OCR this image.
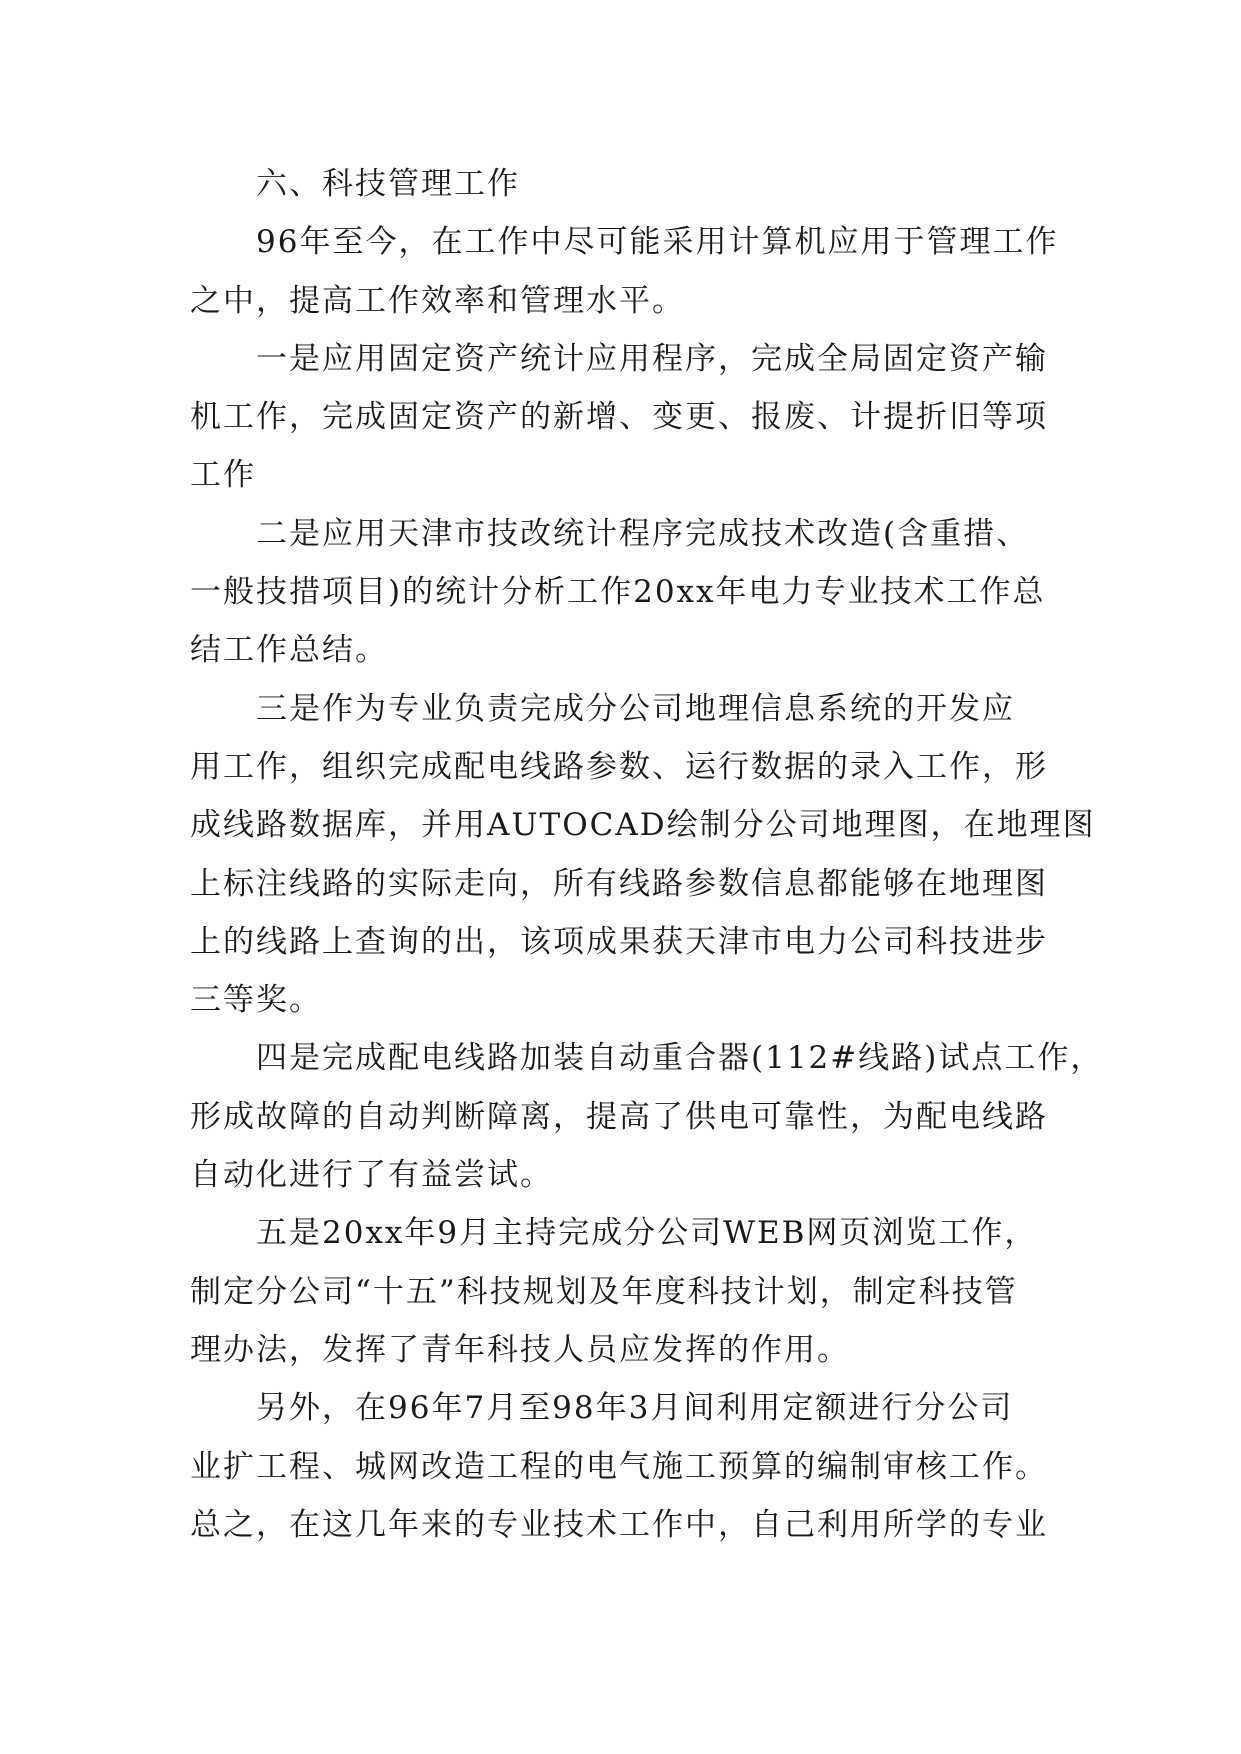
六、科技管理工作
96年至今，在工作中尽可能采用计算机应用于管理工作
之中，提高工作效率和管理水平。
一是应用固定资产统计应用程序，完成全局固定资产输
机工作，完成固定资产的新增、变更、报废、计提折旧等项
工作
二是应用天津市技改统计程序完成技术改造(含重措、
一般技措项目)的统计分析工作20xx年电力专业技术工作总
结工作总结。
三是作为专业负责完成分公司地理信息系统的开发应
用工作，组织完成配电线路参数、运行数据的录入工作，形
成线路数据库，并用AUTOCAD绘制分公司地理图，在地理图
上标注线路的实际走向，所有线路参数信息都能够在地理图
上的线路上查询的出，该项成果获天津市电力公司科技进步
三等奖。
四是完成配电线路加装自动重合器(112#线路)试点工作，
形成故障的自动判断障离，提高了供电可靠性，为配电线路
自动化进行了有益尝试。
五是20xx年9月主持完成分公司WEB网页浏览工作，
制定分公司“十五”科技规划及年度科技计划，制定科技管
理办法，发挥了青年科技人员应发挥的作用。
另外，在96年7月至98年3月间利用定额进行分公司
业扩工程、城网改造工程的电气施工预算的编制审核工作。
总之，在这几年来的专业技术工作中，自己利用所学的专业
